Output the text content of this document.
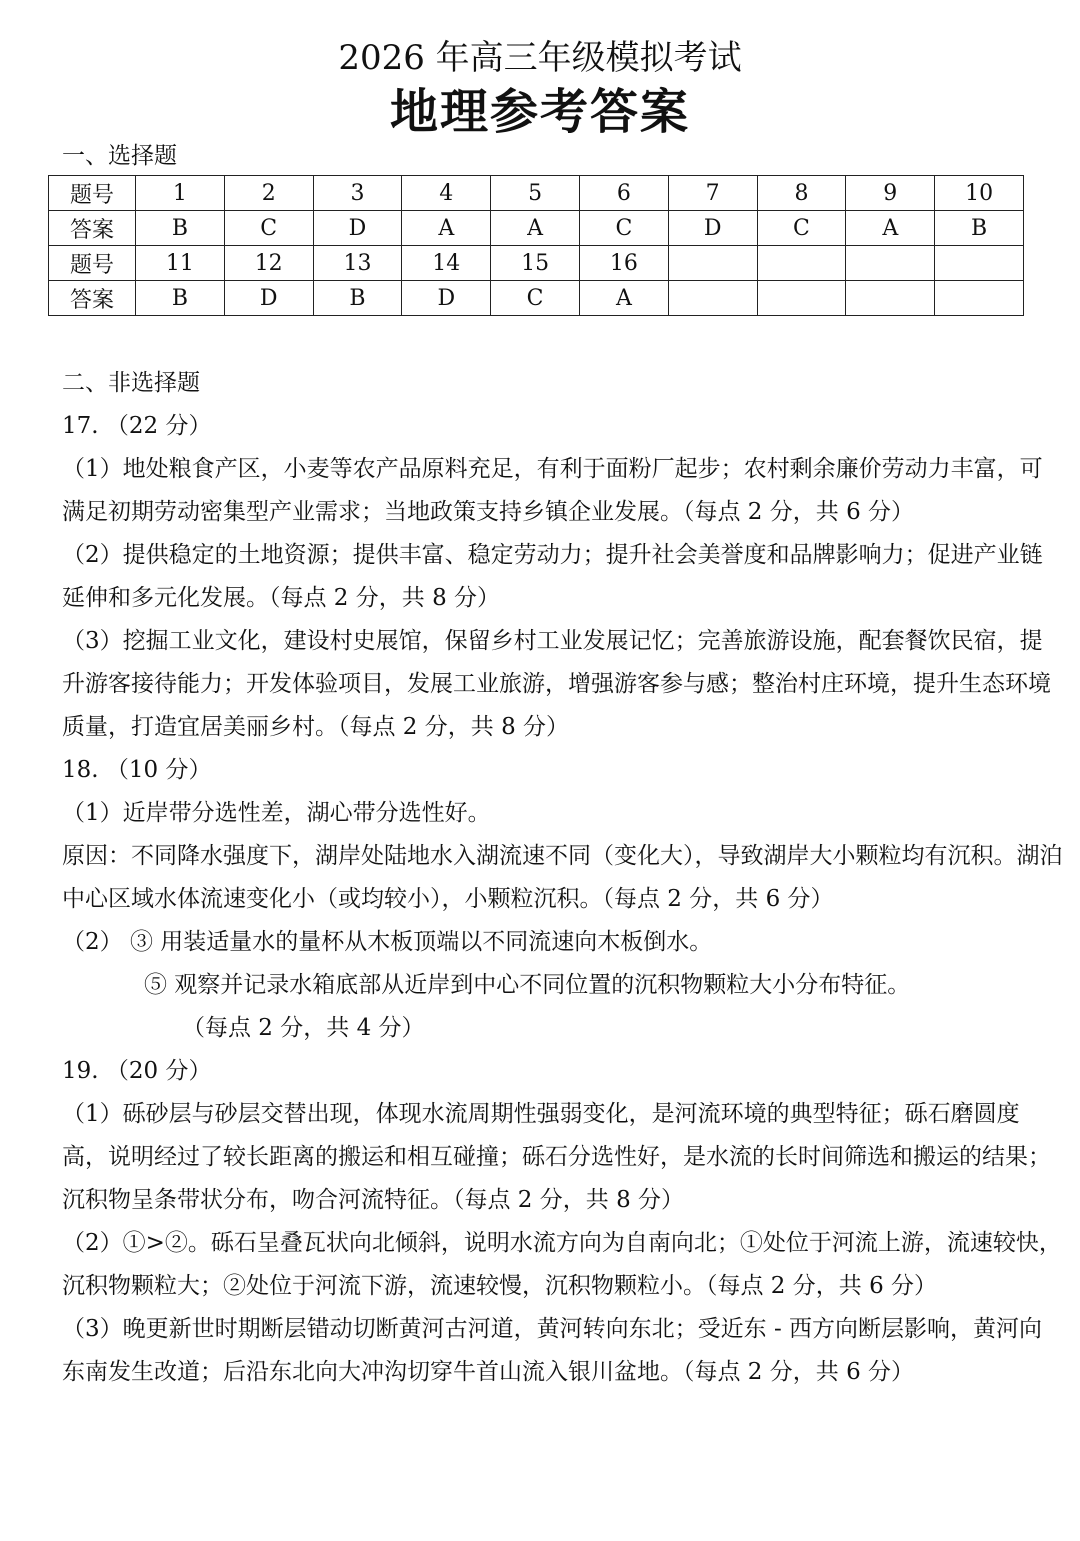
2026 年高三年级模拟考试
地理参考答案
一、选择题
题号	1	2	3	4	5	6	7	8	9	10
答案	B	C	D	A	A	C	D	C	A	B
题号	11	12	13	14	15	16				
答案	B	D	B	D	C	A				

二、非选择题

17. （22 分）

（1）地处粮食产区，小麦等农产品原料充足，有利于面粉厂起步；农村剩余廉价劳动力丰富，可满足初期劳动密集型产业需求；当地政策支持乡镇企业发展。（每点 2 分，共 6 分）

（2）提供稳定的土地资源；提供丰富、稳定劳动力；提升社会美誉度和品牌影响力；促进产业链延伸和多元化发展。（每点 2 分，共 8 分）

（3）挖掘工业文化，建设村史展馆，保留乡村工业发展记忆；完善旅游设施，配套餐饮民宿，提升游客接待能力；开发体验项目，发展工业旅游，增强游客参与感；整治村庄环境，提升生态环境质量，打造宜居美丽乡村。（每点 2 分，共 8 分）

18. （10 分）

（1）近岸带分选性差，湖心带分选性好。

原因：不同降水强度下，湖岸处陆地水入湖流速不同（变化大），导致湖岸大小颗粒均有沉积。湖泊中心区域水体流速变化小（或均较小），小颗粒沉积。（每点 2 分，共 6 分）

（2） ③ 用装适量水的量杯从木板顶端以不同流速向木板倒水。

⑤ 观察并记录水箱底部从近岸到中心不同位置的沉积物颗粒大小分布特征。

（每点 2 分，共 4 分）

19. （20 分）

（1）砾砂层与砂层交替出现，体现水流周期性强弱变化，是河流环境的典型特征；砾石磨圆度高，说明经过了较长距离的搬运和相互碰撞；砾石分选性好，是水流的长时间筛选和搬运的结果；沉积物呈条带状分布，吻合河流特征。（每点 2 分，共 8 分）

（2）①>②。砾石呈叠瓦状向北倾斜，说明水流方向为自南向北；①处位于河流上游，流速较快，沉积物颗粒大；②处位于河流下游，流速较慢，沉积物颗粒小。（每点 2 分，共 6 分）

（3）晚更新世时期断层错动切断黄河古河道，黄河转向东北；受近东 - 西方向断层影响，黄河向东南发生改道；后沿东北向大冲沟切穿牛首山流入银川盆地。（每点 2 分，共 6 分）
